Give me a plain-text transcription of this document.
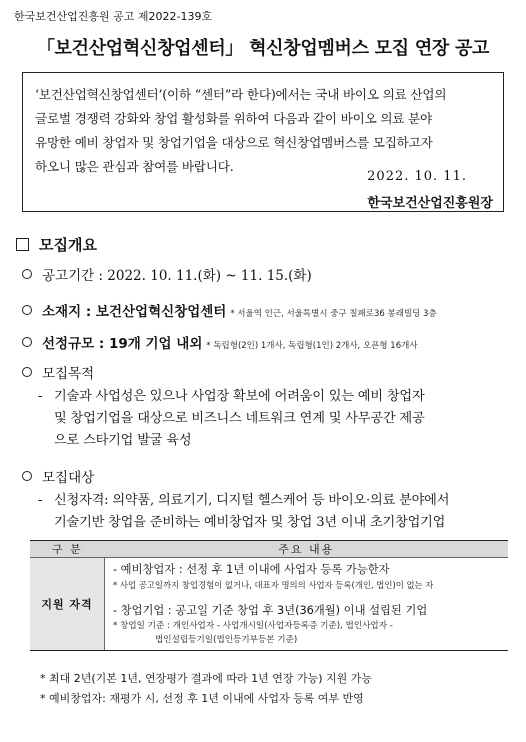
한국보건산업진흥원 공고 제2022-139호
「보건산업혁신창업센터」 혁신창업멤버스 모집 연장 공고
‘보건산업혁신창업센터’(이하 “센터”라 한다)에서는 국내 바이오 의료 산업의
글로벌 경쟁력 강화와 창업 활성화를 위하여 다음과 같이 바이오 의료 분야
유망한 예비 창업자 및 창업기업을 대상으로 혁신창업멤버스를 모집하고자
하오니 많은 관심과 참여를 바랍니다.
2022. 10. 11.
한국보건산업진흥원장
모집개요
공고기간 : 2022. 10. 11.(화) ~ 11. 15.(화)
소재지 : 보건산업혁신창업센터 * 서울역 인근, 서울특별시 중구 칠패로36 봉래빌딩 3층
선정규모 : 19개 기업 내외 * 독립형(2인) 1개사, 독립형(1인) 2개사, 오픈형 16개사
모집목적
- 기술과 사업성은 있으나 사업장 확보에 어려움이 있는 예비 창업자
및 창업기업을 대상으로 비즈니스 네트워크 연계 및 사무공간 제공
으로 스타기업 발굴 육성
모집대상
- 신청자격: 의약품, 의료기기, 디지털 헬스케어 등 바이오·의료 분야에서
기술기반 창업을 준비하는 예비창업자 및 창업 3년 이내 초기창업기업
구 분	주요 내용
지원 자격	- 예비창업자 : 선정 후 1년 이내에 사업자 등록 가능한자
* 사업 공고일까지 창업경험이 없거나, 대표자 명의의 사업자 등록(개인, 법인)이 없는 자
- 창업기업 : 공고일 기준 창업 후 3년(36개월) 이내 설립된 기업
* 창업일 기준 : 개인사업자 - 사업개시일(사업자등록증 기준), 법인사업자 -
법인설립등기일(법인등기부등본 기준)
* 최대 2년(기본 1년, 연장평가 결과에 따라 1년 연장 가능) 지원 가능
* 예비창업자: 재평가 시, 선정 후 1년 이내에 사업자 등록 여부 반영
